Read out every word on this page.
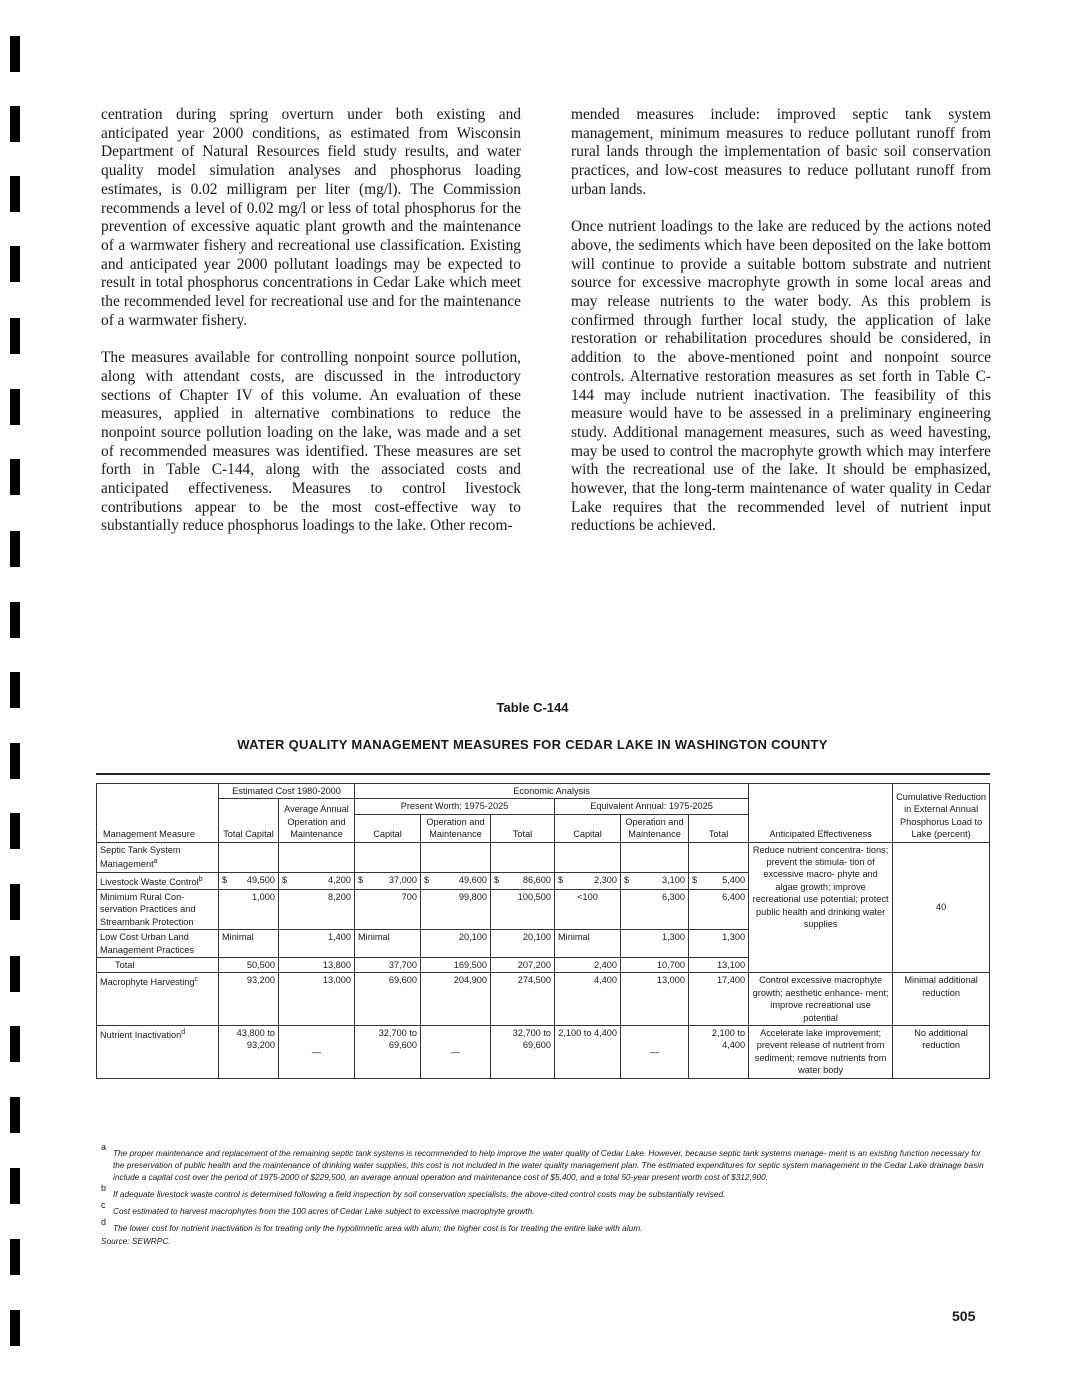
centration during spring overturn under both existing and anticipated year 2000 conditions, as estimated from Wisconsin Department of Natural Resources field study results, and water quality model simulation analyses and phosphorus loading estimates, is 0.02 milligram per liter (mg/l). The Commission recommends a level of 0.02 mg/l or less of total phosphorus for the prevention of excessive aquatic plant growth and the maintenance of a warmwater fishery and recreational use classification. Existing and anticipated year 2000 pollutant loadings may be expected to result in total phosphorus concentrations in Cedar Lake which meet the recommended level for recreational use and for the maintenance of a warmwater fishery.

The measures available for controlling nonpoint source pollution, along with attendant costs, are discussed in the introductory sections of Chapter IV of this volume. An evaluation of these measures, applied in alternative combinations to reduce the nonpoint source pollution loading on the lake, was made and a set of recommended measures was identified. These measures are set forth in Table C-144, along with the associated costs and anticipated effectiveness. Measures to control livestock contributions appear to be the most cost-effective way to substantially reduce phosphorus loadings to the lake. Other recom-

mended measures include: improved septic tank system management, minimum measures to reduce pollutant runoff from rural lands through the implementation of basic soil conservation practices, and low-cost measures to reduce pollutant runoff from urban lands.

Once nutrient loadings to the lake are reduced by the actions noted above, the sediments which have been deposited on the lake bottom will continue to provide a suitable bottom substrate and nutrient source for excessive macrophyte growth in some local areas and may release nutrients to the water body. As this problem is confirmed through further local study, the application of lake restoration or rehabilitation procedures should be considered, in addition to the above-mentioned point and nonpoint source controls. Alternative restoration measures as set forth in Table C-144 may include nutrient inactivation. The feasibility of this measure would have to be assessed in a preliminary engineering study. Additional management measures, such as weed havesting, may be used to control the macrophyte growth which may interfere with the recreational use of the lake. It should be emphasized, however, that the long-term maintenance of water quality in Cedar Lake requires that the recommended level of nutrient input reductions be achieved.

Table C-144
WATER QUALITY MANAGEMENT MEASURES FOR CEDAR LAKE IN WASHINGTON COUNTY
Management Measure	Estimated Cost 1980-2000		Economic Analysis						Anticipated Effectiveness	Cumulative Reduction in External Annual Phosphorus Load to Lake (percent)
	Total Capital	Average Annual Operation and Maintenance	Present Worth: 1975-2025			Equivalent Annual: 1975-2025				
			Capital	Operation and Maintenance	Total	Capital	Operation and Maintenance	Total		
Septic Tank System Management$^a$									Reduce nutrient concentra- tions; prevent the stimula- tion of excessive macro- phyte and algae growth; improve recreational use potential; protect public health and drinking water supplies	40
Livestock Waste Control$^b$	$ 49,500	$ 4,200	$ 37,000	$ 49,600	$ 86,600	$ 2,300	$ 3,100	$ 5,400		
Minimum Rural Con- servation Practices and Streambank Protection	1,000	8,200	700	99,800	100,500	<100	6,300	6,400		
Low Cost Urban Land Management Practices	Minimal	1,400	Minimal	20,100	20,100	Minimal	1,300	1,300		
Total	50,500	13,800	37,700	169,500	207,200	2,400	10,700	13,100		
Macrophyte Harvesting$^c$	93,200	13,000	69,600	204,900	274,500	4,400	13,000	17,400	Control excessive macrophyte growth; aesthetic enhance- ment; improve recreational use potential	Minimal additional reduction
Nutrient Inactivation$^d$	43,800 to 93,200	—	32,700 to 69,600	—	32,700 to 69,600	2,100 to 4,400	—	2,100 to 4,400	Accelerate lake improvement; prevent release of nutrient from sediment; remove nutrients from water body	No additional reduction
a
The proper maintenance and replacement of the remaining septic tank systems is recommended to help improve the water quality of Cedar Lake. However, because septic tank systems manage- ment is an existing function necessary for the preservation of public health and the maintenance of drinking water supplies, this cost is not included in the water quality management plan. The estimated expenditures for septic system management in the Cedar Lake drainage basin include a capital cost over the period of 1975-2000 of $229,500, an average annual operation and maintenance cost of $5,400, and a total 50-year present worth cost of $312,900.
b
If adequate livestock waste control is determined following a field inspection by soil conservation specialists, the above-cited control costs may be substantially revised.
c
Cost estimated to harvest macrophytes from the 100 acres of Cedar Lake subject to excessive macrophyte growth.
d
The lower cost for nutrient inactivation is for treating only the hypolimnetic area with alum; the higher cost is for treating the entire lake with alum.
Source: SEWRPC.
505
